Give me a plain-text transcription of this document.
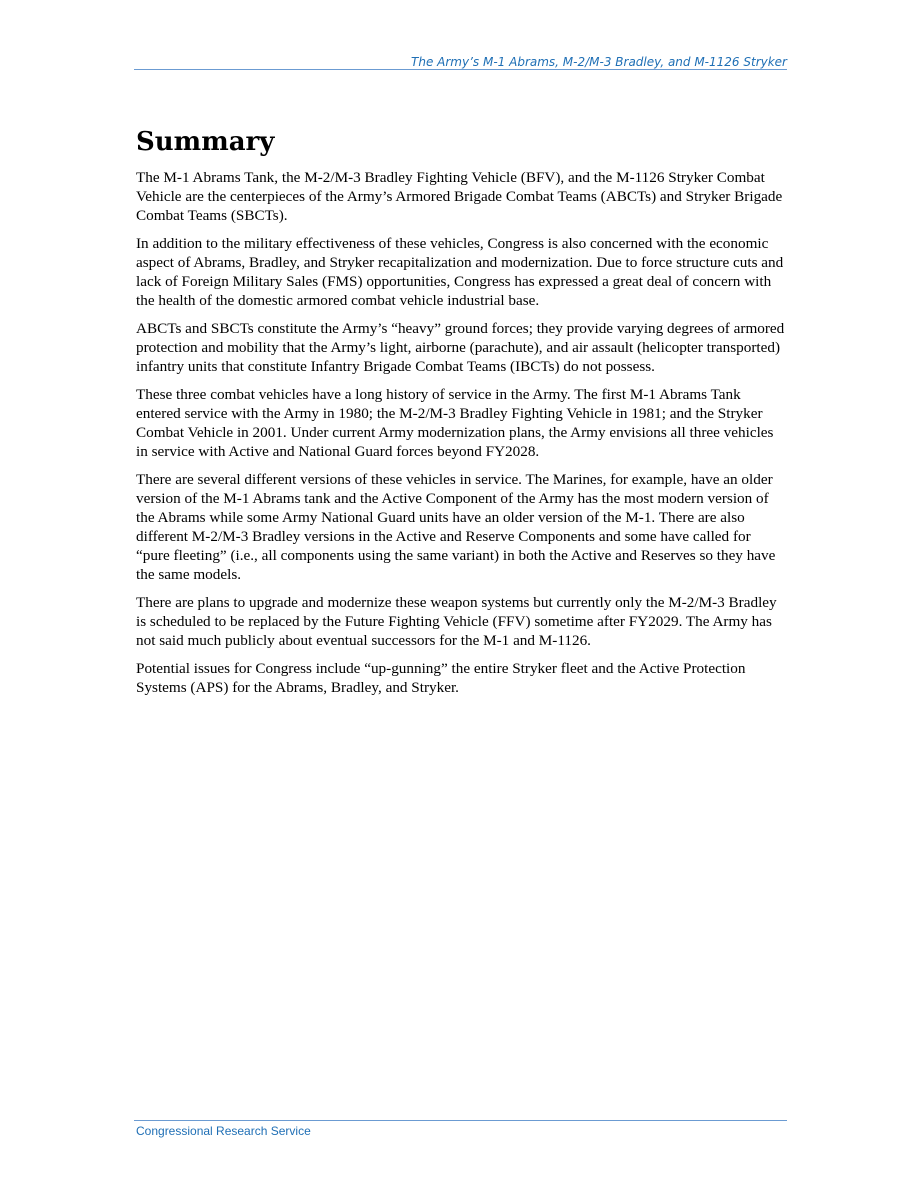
The Army’s M-1 Abrams, M-2/M-3 Bradley, and M-1126 Stryker
Summary

The M-1 Abrams Tank, the M-2/M-3 Bradley Fighting Vehicle (BFV), and the M-1126 Stryker Combat Vehicle are the centerpieces of the Army’s Armored Brigade Combat Teams (ABCTs) and Stryker Brigade Combat Teams (SBCTs).

In addition to the military effectiveness of these vehicles, Congress is also concerned with the economic aspect of Abrams, Bradley, and Stryker recapitalization and modernization. Due to force structure cuts and lack of Foreign Military Sales (FMS) opportunities, Congress has expressed a great deal of concern with the health of the domestic armored combat vehicle industrial base.

ABCTs and SBCTs constitute the Army’s “heavy” ground forces; they provide varying degrees of armored protection and mobility that the Army’s light, airborne (parachute), and air assault (helicopter transported) infantry units that constitute Infantry Brigade Combat Teams (IBCTs) do not possess.

These three combat vehicles have a long history of service in the Army. The first M-1 Abrams Tank entered service with the Army in 1980; the M-2/M-3 Bradley Fighting Vehicle in 1981; and the Stryker Combat Vehicle in 2001. Under current Army modernization plans, the Army envisions all three vehicles in service with Active and National Guard forces beyond FY2028.

There are several different versions of these vehicles in service. The Marines, for example, have an older version of the M-1 Abrams tank and the Active Component of the Army has the most modern version of the Abrams while some Army National Guard units have an older version of the M-1. There are also different M-2/M-3 Bradley versions in the Active and Reserve Components and some have called for “pure fleeting” (i.e., all components using the same variant) in both the Active and Reserves so they have the same models.

There are plans to upgrade and modernize these weapon systems but currently only the M-2/M-3 Bradley is scheduled to be replaced by the Future Fighting Vehicle (FFV) sometime after FY2029. The Army has not said much publicly about eventual successors for the M-1 and M-1126.

Potential issues for Congress include “up-gunning” the entire Stryker fleet and the Active Protection Systems (APS) for the Abrams, Bradley, and Stryker.

Congressional Research Service
